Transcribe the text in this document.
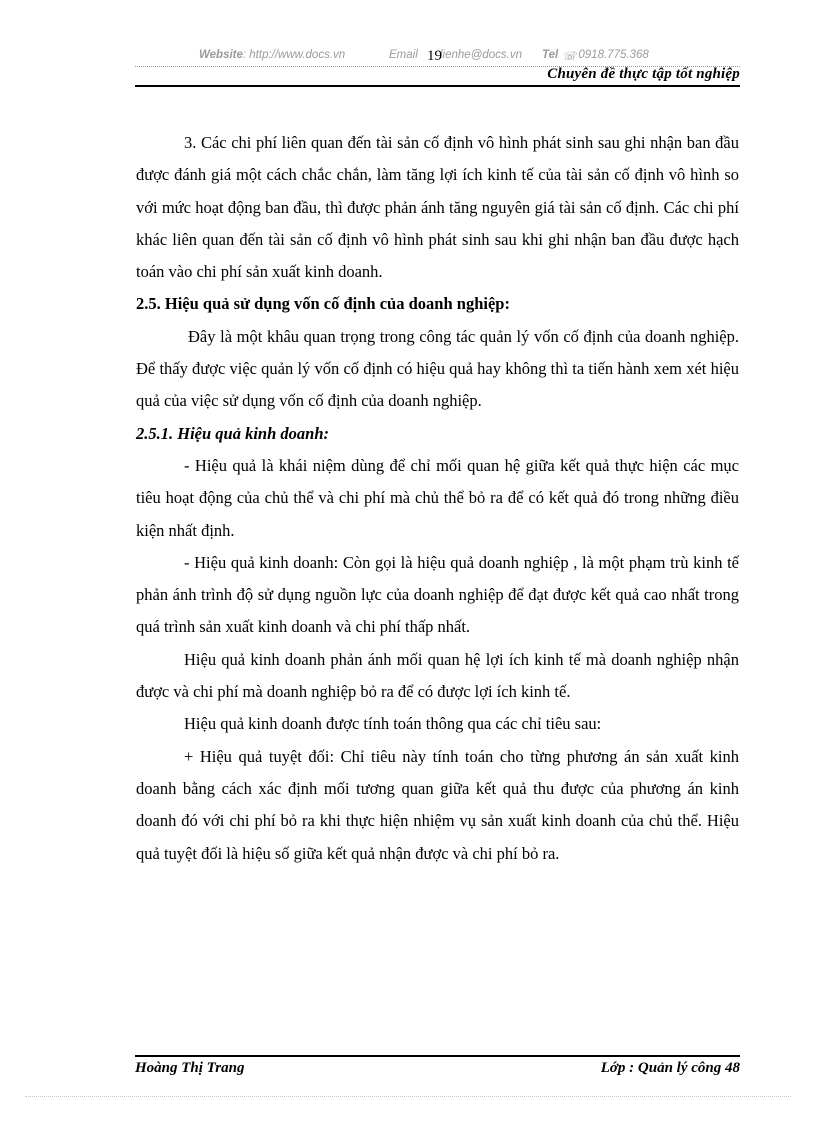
Website: http://www.docs.vn	Email lienhe@docs.vn Tel ☏
: 0918.775.368
19
Chuyên đề thực tập tốt nghiệp

3. Các chi phí liên quan đến tài sản cố định vô hình phát sinh sau ghi nhận ban đầu được đánh giá một cách chắc chắn, làm tăng lợi ích kinh tế của tài sản cố định vô hình so với mức hoạt động ban đầu, thì được phản ánh tăng nguyên giá tài sản cố định. Các chi phí khác liên quan đến tài sản cố định vô hình phát sinh sau khi ghi nhận ban đầu được hạch toán vào chi phí sản xuất kinh doanh.

2.5. Hiệu quả sử dụng vốn cố định của doanh nghiệp:

Đây là một khâu quan trọng trong công tác quản lý vốn cố định của doanh nghiệp. Để thấy được việc quản lý vốn cố định có hiệu quả hay không thì ta tiến hành xem xét hiệu quả của việc sử dụng vốn cố định của doanh nghiệp.

2.5.1. Hiệu quả kinh doanh:

- Hiệu quả là khái niệm dùng để chỉ mối quan hệ giữa kết quả thực hiện các mục tiêu hoạt động của chủ thể và chi phí mà chủ thể bỏ ra để có kết quả đó trong những điều kiện nhất định.

- Hiệu quả kinh doanh: Còn gọi là hiệu quả doanh nghiệp , là một phạm trù kinh tế phản ánh trình độ sử dụng nguồn lực của doanh nghiệp để đạt được kết quả cao nhất trong quá trình sản xuất kinh doanh và chi phí thấp nhất.

Hiệu quả kinh doanh phản ánh mối quan hệ lợi ích kinh tế mà doanh nghiệp nhận được và chi phí mà doanh nghiệp bỏ ra để có được lợi ích kinh tế.

Hiệu quả kinh doanh được tính toán thông qua các chỉ tiêu sau:

+ Hiệu quả tuyệt đối: Chỉ tiêu này tính toán cho từng phương án sản xuất kinh doanh bằng cách xác định mối tương quan giữa kết quả thu được của phương án kinh doanh đó với chi phí bỏ ra khi thực hiện nhiệm vụ sản xuất kinh doanh của chủ thể. Hiệu quả tuyệt đối là hiệu số giữa kết quả nhận được và chi phí bỏ ra.

Hoàng Thị Trang	Lớp : Quản lý công 48
